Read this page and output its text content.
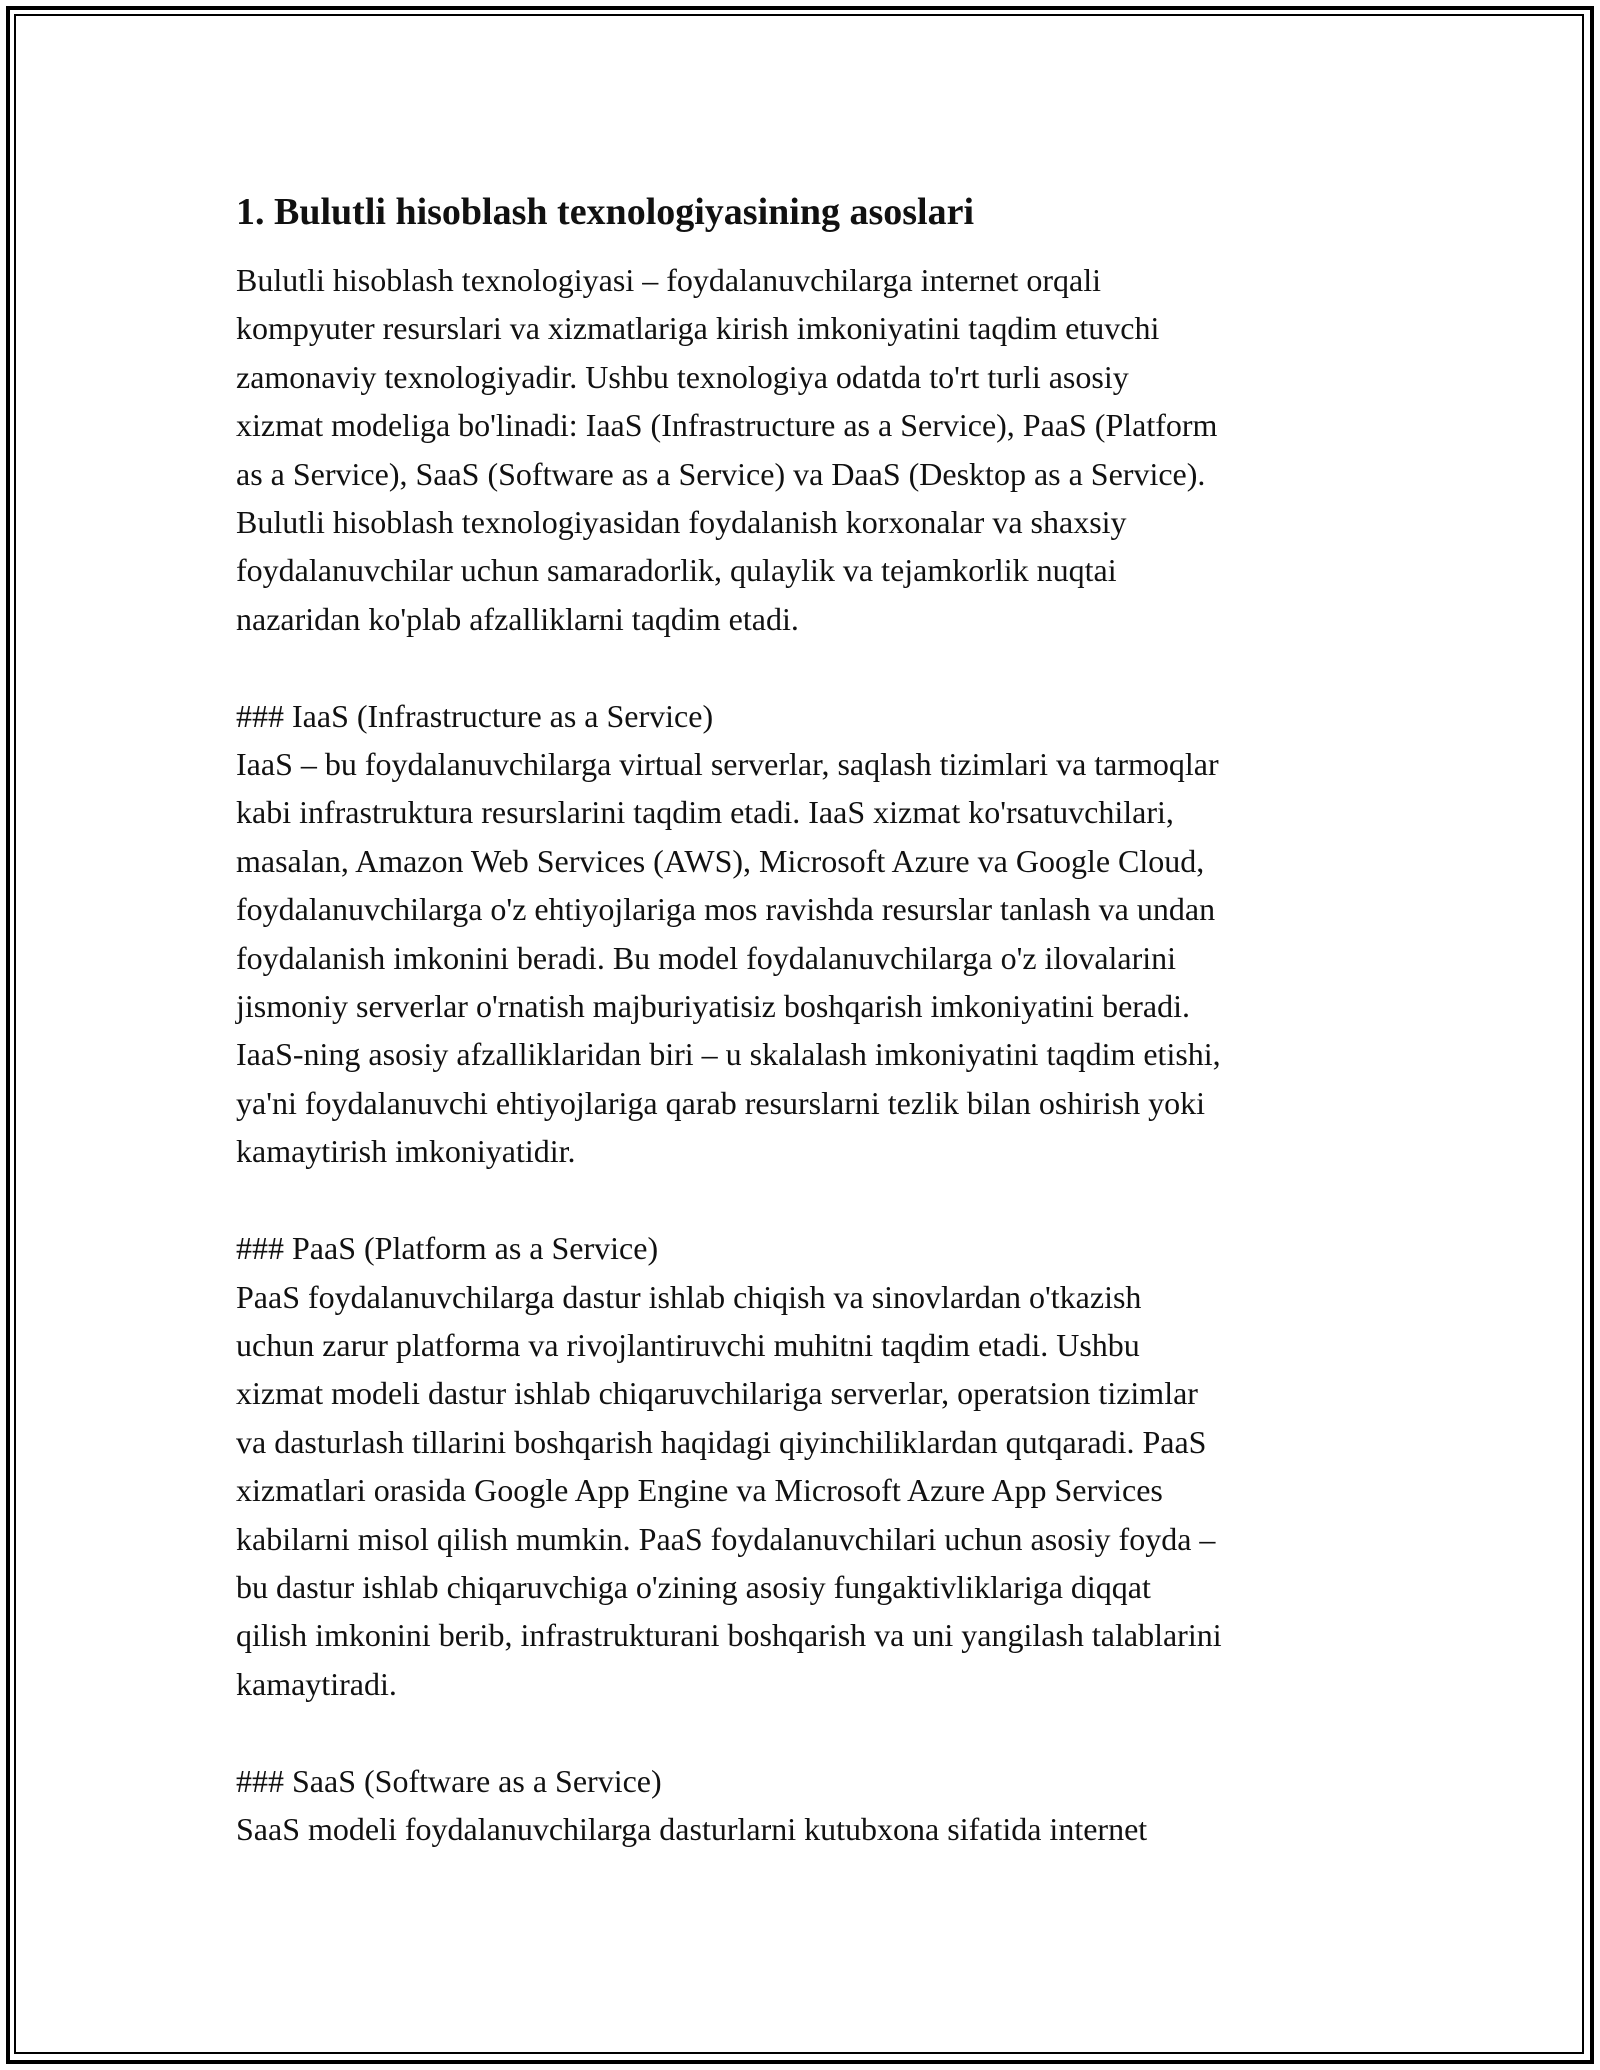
1. Bulutli hisoblash texnologiyasining asoslari
Bulutli hisoblash texnologiyasi – foydalanuvchilarga internet orqali
kompyuter resurslari va xizmatlariga kirish imkoniyatini taqdim etuvchi
zamonaviy texnologiyadir. Ushbu texnologiya odatda to'rt turli asosiy
xizmat modeliga bo'linadi: IaaS (Infrastructure as a Service), PaaS (Platform
as a Service), SaaS (Software as a Service) va DaaS (Desktop as a Service).
Bulutli hisoblash texnologiyasidan foydalanish korxonalar va shaxsiy
foydalanuvchilar uchun samaradorlik, qulaylik va tejamkorlik nuqtai
nazaridan ko'plab afzalliklarni taqdim etadi.
### IaaS (Infrastructure as a Service)
IaaS – bu foydalanuvchilarga virtual serverlar, saqlash tizimlari va tarmoqlar
kabi infrastruktura resurslarini taqdim etadi. IaaS xizmat ko'rsatuvchilari,
masalan, Amazon Web Services (AWS), Microsoft Azure va Google Cloud,
foydalanuvchilarga o'z ehtiyojlariga mos ravishda resurslar tanlash va undan
foydalanish imkonini beradi. Bu model foydalanuvchilarga o'z ilovalarini
jismoniy serverlar o'rnatish majburiyatisiz boshqarish imkoniyatini beradi.
IaaS-ning asosiy afzalliklaridan biri – u skalalash imkoniyatini taqdim etishi,
ya'ni foydalanuvchi ehtiyojlariga qarab resurslarni tezlik bilan oshirish yoki
kamaytirish imkoniyatidir.
### PaaS (Platform as a Service)
PaaS foydalanuvchilarga dastur ishlab chiqish va sinovlardan o'tkazish
uchun zarur platforma va rivojlantiruvchi muhitni taqdim etadi. Ushbu
xizmat modeli dastur ishlab chiqaruvchilariga serverlar, operatsion tizimlar
va dasturlash tillarini boshqarish haqidagi qiyinchiliklardan qutqaradi. PaaS
xizmatlari orasida Google App Engine va Microsoft Azure App Services
kabilarni misol qilish mumkin. PaaS foydalanuvchilari uchun asosiy foyda –
bu dastur ishlab chiqaruvchiga o'zining asosiy fungaktivliklariga diqqat
qilish imkonini berib, infrastrukturani boshqarish va uni yangilash talablarini
kamaytiradi.
### SaaS (Software as a Service)
SaaS modeli foydalanuvchilarga dasturlarni kutubxona sifatida internet
